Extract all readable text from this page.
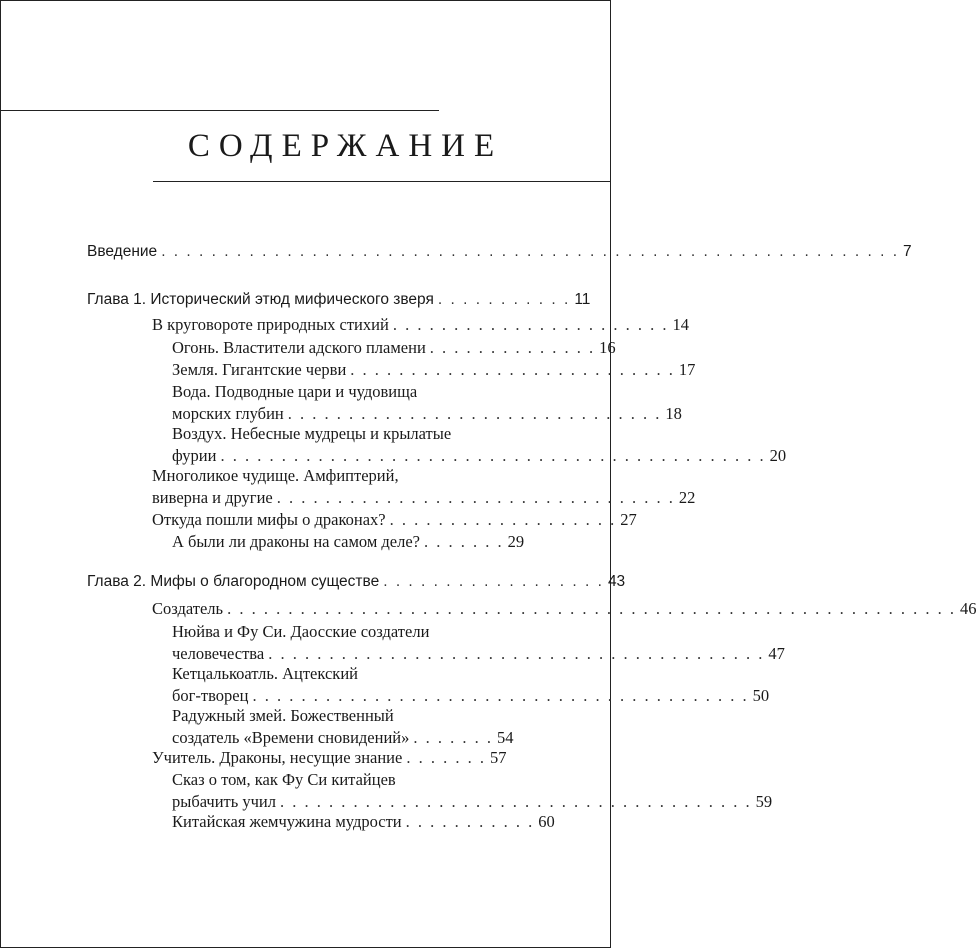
СОДЕРЖАНИЕ
Введение . . . . . . . . . . . . . . . . . . . . . . . . . . . . . . . . . . . . . . . . . . . . . . . . . . . . . . . . . . . 7
Глава 1. Исторический этюд мифического зверя . . . . . . . . . . . 11
В круговороте природных стихий . . . . . . . . . . . . . . . . . . . . . . . 14
Огонь. Властители адского пламени . . . . . . . . . . . . . . 16
Земля. Гигантские черви . . . . . . . . . . . . . . . . . . . . . . . . . . . 17
Вода. Подводные цари и чудовища
морских глубин . . . . . . . . . . . . . . . . . . . . . . . . . . . . . . . 18
Воздух. Небесные мудрецы и крылатые
фурии . . . . . . . . . . . . . . . . . . . . . . . . . . . . . . . . . . . . . . . . . . . . . 20
Многоликое чудище. Амфиптерий,
виверна и другие . . . . . . . . . . . . . . . . . . . . . . . . . . . . . . . . . 22
Откуда пошли мифы о драконах? . . . . . . . . . . . . . . . . . . . 27
А были ли драконы на самом деле? . . . . . . . 29
Глава 2. Мифы о благородном существе . . . . . . . . . . . . . . . . . . 43
Создатель . . . . . . . . . . . . . . . . . . . . . . . . . . . . . . . . . . . . . . . . . . . . . . . . . . . . . . . . . . . . 46
Нюйва и Фу Си. Даосские создатели
человечества . . . . . . . . . . . . . . . . . . . . . . . . . . . . . . . . . . . . . . . . . 47
Кетцалькоатль. Ацтекский
бог-творец . . . . . . . . . . . . . . . . . . . . . . . . . . . . . . . . . . . . . . . . . 50
Радужный змей. Божественный
создатель «Времени сновидений» . . . . . . . 54
Учитель. Драконы, несущие знание . . . . . . . 57
Сказ о том, как Фу Си китайцев
рыбачить учил . . . . . . . . . . . . . . . . . . . . . . . . . . . . . . . . . . . . . . . 59
Китайская жемчужина мудрости . . . . . . . . . . . 60
